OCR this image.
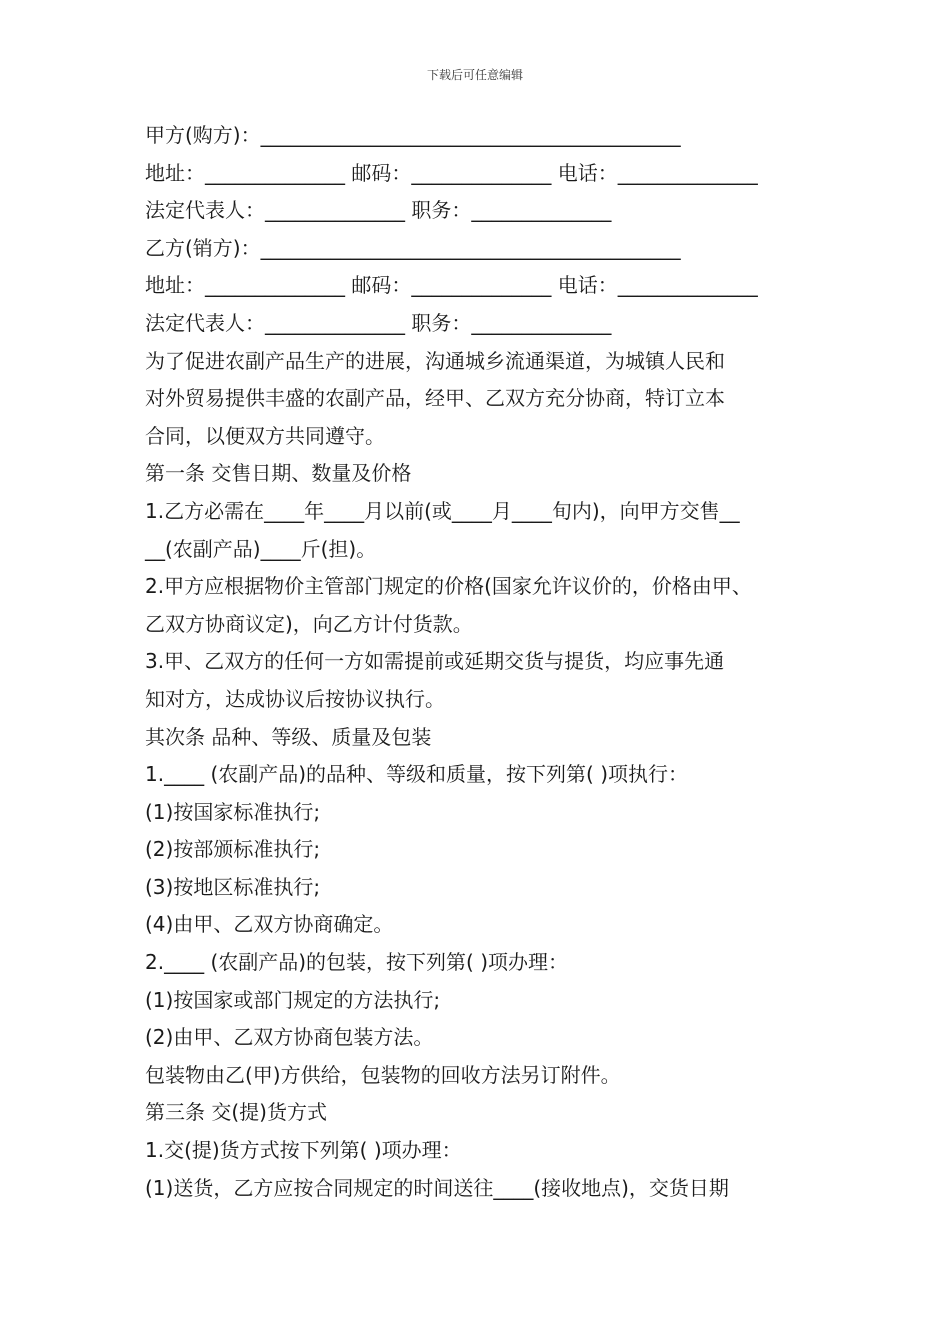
下载后可任意编辑
甲方(购方)：__________________________________________
地址：______________ 邮码：______________ 电话：______________
法定代表人：______________ 职务：______________
乙方(销方)：__________________________________________
地址：______________ 邮码：______________ 电话：______________
法定代表人：______________ 职务：______________
为了促进农副产品生产的进展，沟通城乡流通渠道，为城镇人民和
对外贸易提供丰盛的农副产品，经甲、乙双方充分协商，特订立本
合同，以便双方共同遵守。
第一条 交售日期、数量及价格
1.乙方必需在____年____月以前(或____月____旬内)，向甲方交售__
__(农副产品)____斤(担)。
2.甲方应根据物价主管部门规定的价格(国家允许议价的，价格由甲、
乙双方协商议定)，向乙方计付货款。
3.甲、乙双方的任何一方如需提前或延期交货与提货，均应事先通
知对方，达成协议后按协议执行。
其次条 品种、等级、质量及包装
1.____ (农副产品)的品种、等级和质量，按下列第( )项执行：
(1)按国家标准执行;
(2)按部颁标准执行;
(3)按地区标准执行;
(4)由甲、乙双方协商确定。
2.____ (农副产品)的包装，按下列第( )项办理：
(1)按国家或部门规定的方法执行;
(2)由甲、乙双方协商包装方法。
包装物由乙(甲)方供给，包装物的回收方法另订附件。
第三条 交(提)货方式
1.交(提)货方式按下列第( )项办理：
(1)送货，乙方应按合同规定的时间送往____(接收地点)，交货日期
